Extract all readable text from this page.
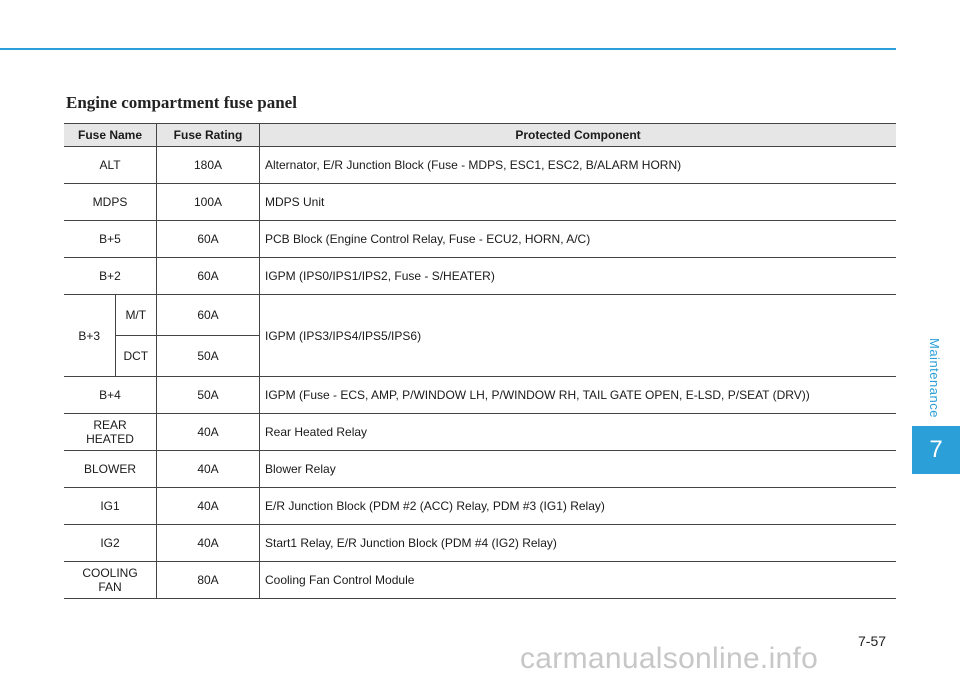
Engine compartment fuse panel
Fuse Name		Fuse Rating	Protected Component
ALT		180A	Alternator, E/R Junction Block (Fuse - MDPS, ESC1, ESC2, B/ALARM HORN)
MDPS		100A	MDPS Unit
B+5		60A	PCB Block (Engine Control Relay, Fuse - ECU2, HORN, A/C)
B+2		60A	IGPM (IPS0/IPS1/IPS2, Fuse - S/HEATER)
B+3	M/T	60A	IGPM (IPS3/IPS4/IPS5/IPS6)
	DCT	50A	
B+4		50A	IGPM (Fuse - ECS, AMP, P/WINDOW LH, P/WINDOW RH, TAIL GATE OPEN, E-LSD, P/SEAT (DRV))
REAR
HEATED		40A	Rear Heated Relay
BLOWER		40A	Blower Relay
IG1		40A	E/R Junction Block (PDM #2 (ACC) Relay, PDM #3 (IG1) Relay)
IG2		40A	Start1 Relay, E/R Junction Block (PDM #4 (IG2) Relay)
COOLING
FAN		80A	Cooling Fan Control Module
Maintenance
7
7-57
carmanualsonline.info
